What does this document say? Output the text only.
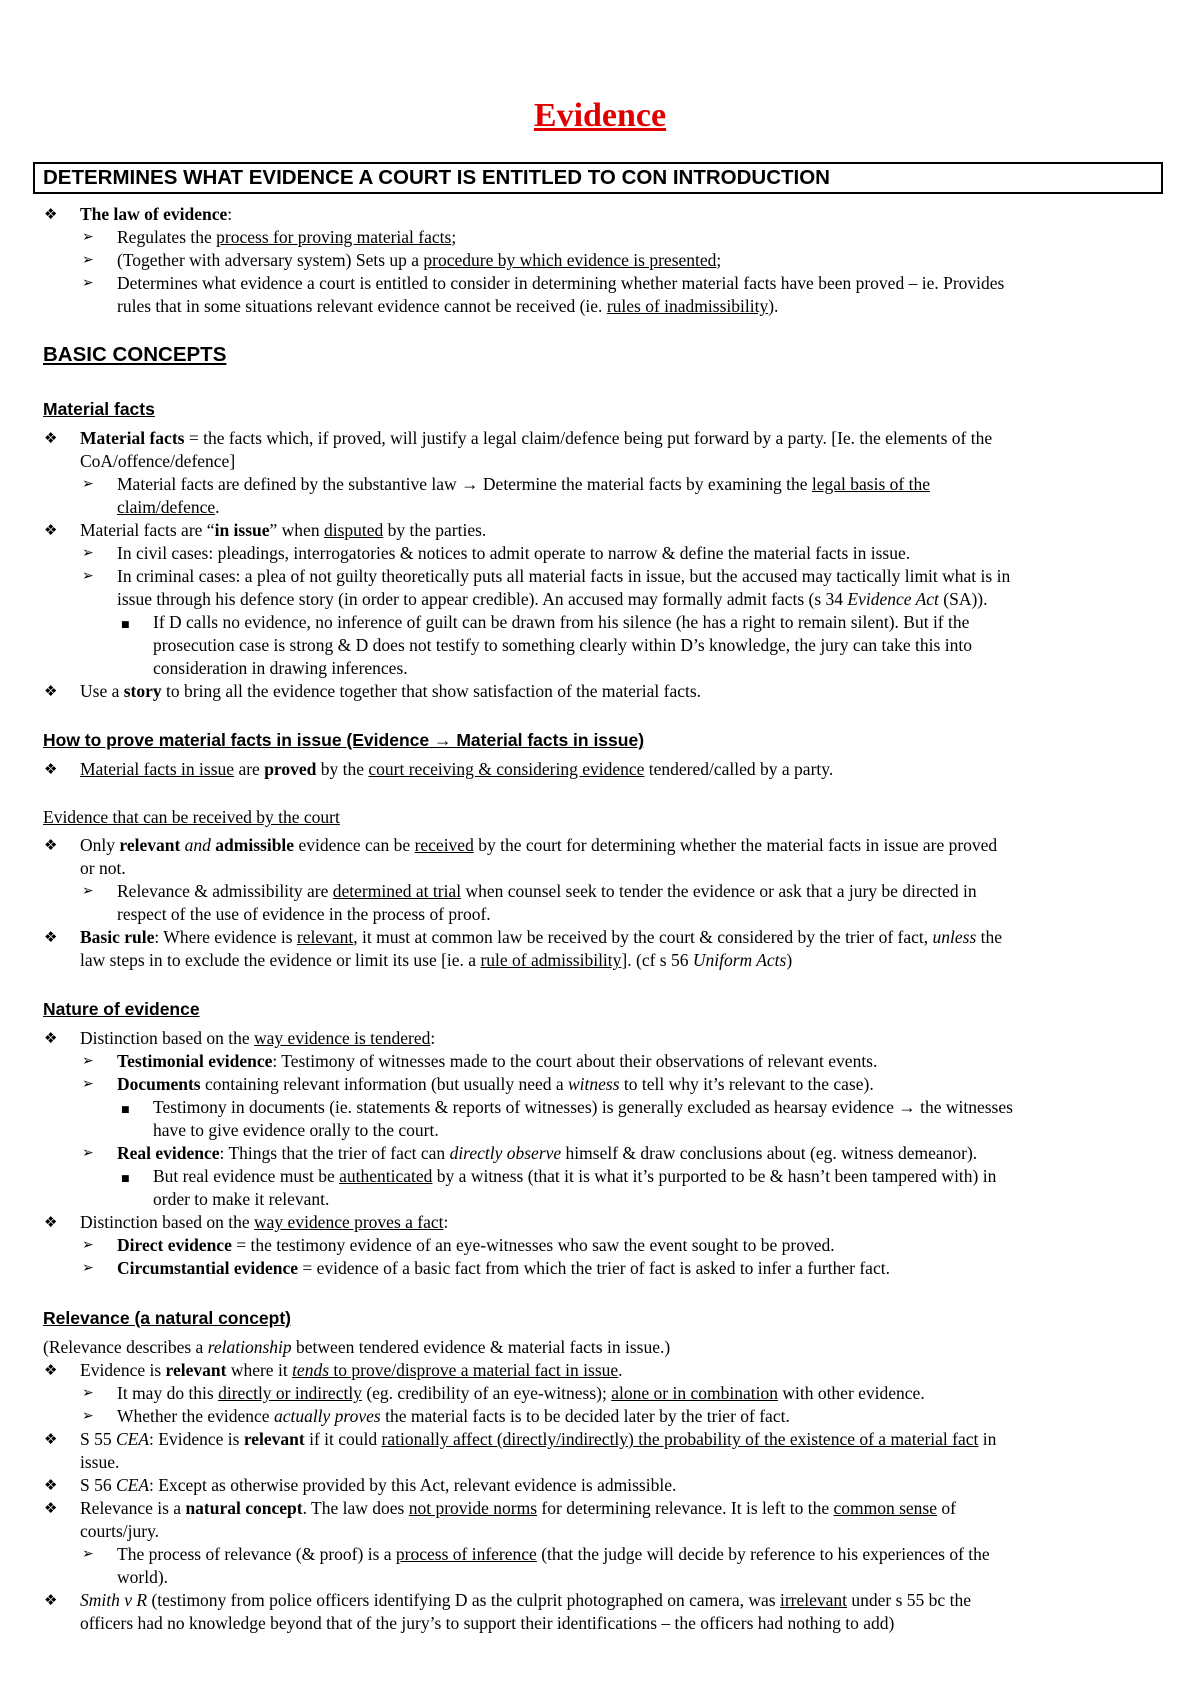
Evidence
DETERMINES WHAT EVIDENCE A COURT IS ENTITLED TO CON INTRODUCTION
❖ The law of evidence:
➢ Regulates the process for proving material facts;
➢ (Together with adversary system) Sets up a procedure by which evidence is presented;
➢ Determines what evidence a court is entitled to consider in determining whether material facts have been proved – ie. Provides
rules that in some situations relevant evidence cannot be received (ie. rules of inadmissibility).
BASIC CONCEPTS
Material facts
❖ Material facts = the facts which, if proved, will justify a legal claim/defence being put forward by a party. [Ie. the elements of the
CoA/offence/defence]
➢ Material facts are defined by the substantive law → Determine the material facts by examining the legal basis of the
claim/defence.
❖ Material facts are “in issue” when disputed by the parties.
➢ In civil cases: pleadings, interrogatories & notices to admit operate to narrow & define the material facts in issue.
➢ In criminal cases: a plea of not guilty theoretically puts all material facts in issue, but the accused may tactically limit what is in
issue through his defence story (in order to appear credible). An accused may formally admit facts (s 34 Evidence Act (SA)).
■ If D calls no evidence, no inference of guilt can be drawn from his silence (he has a right to remain silent). But if the
prosecution case is strong & D does not testify to something clearly within D’s knowledge, the jury can take this into
consideration in drawing inferences.
❖ Use a story to bring all the evidence together that show satisfaction of the material facts.
How to prove material facts in issue (Evidence → Material facts in issue)
❖ Material facts in issue are proved by the court receiving & considering evidence tendered/called by a party.
Evidence that can be received by the court
❖ Only relevant and admissible evidence can be received by the court for determining whether the material facts in issue are proved
or not.
➢ Relevance & admissibility are determined at trial when counsel seek to tender the evidence or ask that a jury be directed in
respect of the use of evidence in the process of proof.
❖ Basic rule: Where evidence is relevant, it must at common law be received by the court & considered by the trier of fact, unless the
law steps in to exclude the evidence or limit its use [ie. a rule of admissibility]. (cf s 56 Uniform Acts)
Nature of evidence
❖ Distinction based on the way evidence is tendered:
➢ Testimonial evidence: Testimony of witnesses made to the court about their observations of relevant events.
➢ Documents containing relevant information (but usually need a witness to tell why it’s relevant to the case).
■ Testimony in documents (ie. statements & reports of witnesses) is generally excluded as hearsay evidence → the witnesses
have to give evidence orally to the court.
➢ Real evidence: Things that the trier of fact can directly observe himself & draw conclusions about (eg. witness demeanor).
■ But real evidence must be authenticated by a witness (that it is what it’s purported to be & hasn’t been tampered with) in
order to make it relevant.
❖ Distinction based on the way evidence proves a fact:
➢ Direct evidence = the testimony evidence of an eye-witnesses who saw the event sought to be proved.
➢ Circumstantial evidence = evidence of a basic fact from which the trier of fact is asked to infer a further fact.
Relevance (a natural concept)
(Relevance describes a relationship between tendered evidence & material facts in issue.)
❖ Evidence is relevant where it tends to prove/disprove a material fact in issue.
➢ It may do this directly or indirectly (eg. credibility of an eye-witness); alone or in combination with other evidence.
➢ Whether the evidence actually proves the material facts is to be decided later by the trier of fact.
❖ S 55 CEA: Evidence is relevant if it could rationally affect (directly/indirectly) the probability of the existence of a material fact in
issue.
❖ S 56 CEA: Except as otherwise provided by this Act, relevant evidence is admissible.
❖ Relevance is a natural concept. The law does not provide norms for determining relevance. It is left to the common sense of
courts/jury.
➢ The process of relevance (& proof) is a process of inference (that the judge will decide by reference to his experiences of the
world).
❖ Smith v R (testimony from police officers identifying D as the culprit photographed on camera, was irrelevant under s 55 bc the
officers had no knowledge beyond that of the jury’s to support their identifications – the officers had nothing to add)
